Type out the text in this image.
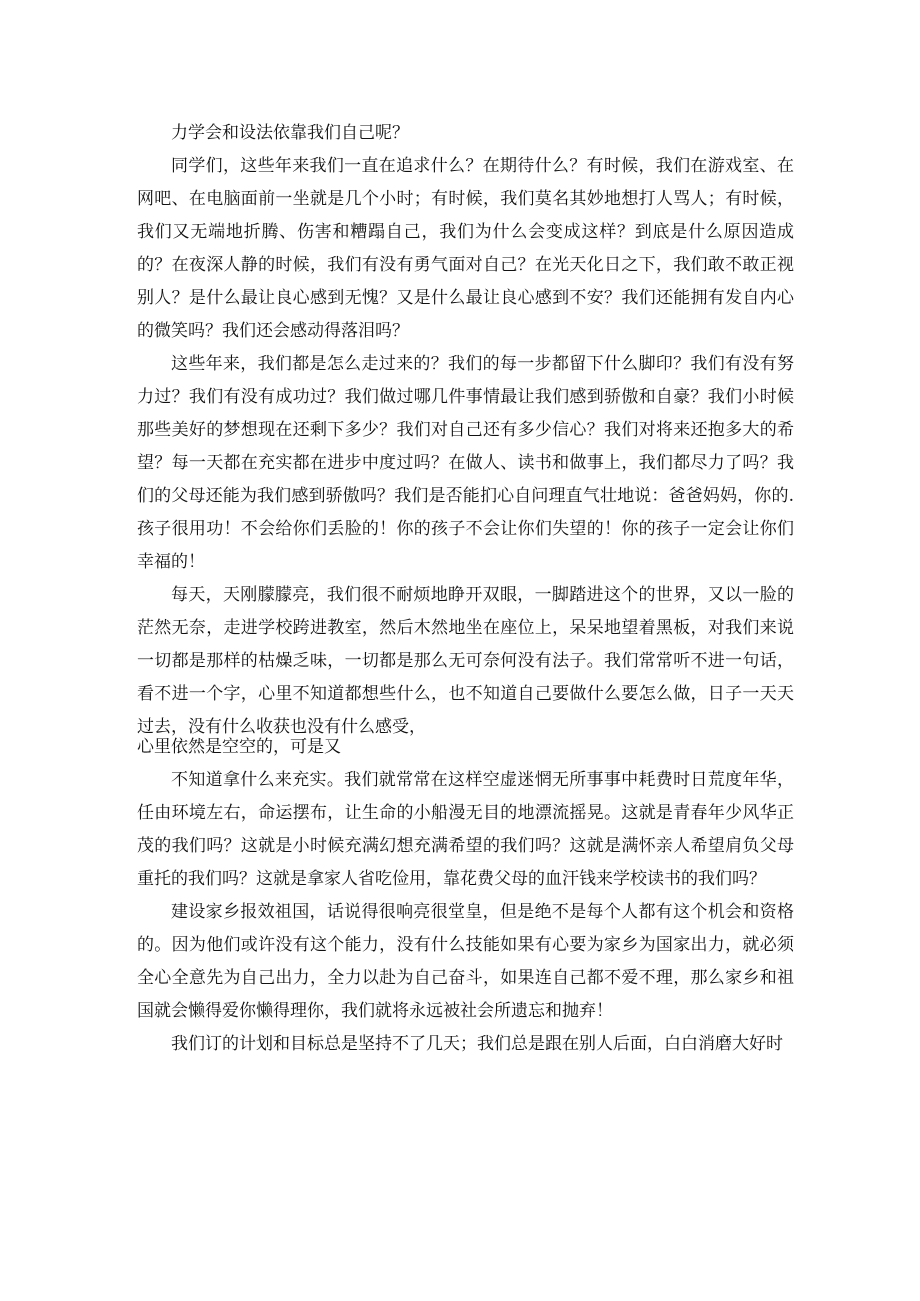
力学会和设法依靠我们自己呢？

同学们，这些年来我们一直在追求什么？在期待什么？有时候，我们在游戏室、在网吧、在电脑面前一坐就是几个小时；有时候，我们莫名其妙地想打人骂人；有时候，我们又无端地折腾、伤害和糟蹋自己，我们为什么会变成这样？到底是什么原因造成的？在夜深人静的时候，我们有没有勇气面对自己？在光天化日之下，我们敢不敢正视别人？是什么最让良心感到无愧？又是什么最让良心感到不安？我们还能拥有发自内心的微笑吗？我们还会感动得落泪吗？

这些年来，我们都是怎么走过来的？我们的每一步都留下什么脚印？我们有没有努力过？我们有没有成功过？我们做过哪几件事情最让我们感到骄傲和自豪？我们小时候那些美好的梦想现在还剩下多少？我们对自己还有多少信心？我们对将来还抱多大的希望？每一天都在充实都在进步中度过吗？在做人、读书和做事上，我们都尽力了吗？我们的父母还能为我们感到骄傲吗？我们是否能扪心自问理直气壮地说：爸爸妈妈，你的.孩子很用功！不会给你们丢脸的！你的孩子不会让你们失望的！你的孩子一定会让你们幸福的！

每天，天刚朦朦亮，我们很不耐烦地睁开双眼，一脚踏进这个的世界，又以一脸的茫然无奈，走进学校跨进教室，然后木然地坐在座位上，呆呆地望着黑板，对我们来说一切都是那样的枯燥乏味，一切都是那么无可奈何没有法子。我们常常听不进一句话，看不进一个字，心里不知道都想些什么，也不知道自己要做什么要怎么做，日子一天天过去，没有什么收获也没有什么感受，

心里依然是空空的，可是又

不知道拿什么来充实。我们就常常在这样空虚迷惘无所事事中耗费时日荒度年华，任由环境左右，命运摆布，让生命的小船漫无目的地漂流摇晃。这就是青春年少风华正茂的我们吗？这就是小时候充满幻想充满希望的我们吗？这就是满怀亲人希望肩负父母重托的我们吗？这就是拿家人省吃俭用，靠花费父母的血汗钱来学校读书的我们吗？

建设家乡报效祖国，话说得很响亮很堂皇，但是绝不是每个人都有这个机会和资格的。因为他们或许没有这个能力，没有什么技能如果有心要为家乡为国家出力，就必须全心全意先为自己出力，全力以赴为自己奋斗，如果连自己都不爱不理，那么家乡和祖国就会懒得爱你懒得理你，我们就将永远被社会所遗忘和抛弃！

我们订的计划和目标总是坚持不了几天；我们总是跟在别人后面，白白消磨大好时
